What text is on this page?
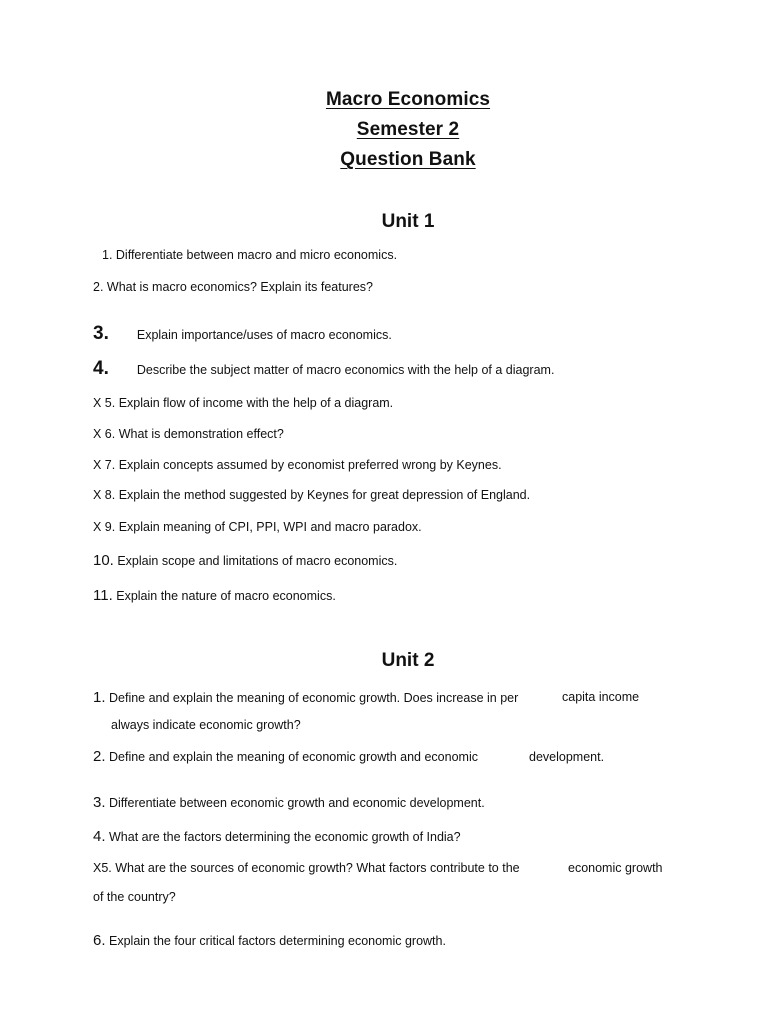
Macro Economics
Semester 2
Question Bank
Unit 1
1. Differentiate between macro and micro economics.
2. What is macro economics? Explain its features?
3. Explain importance/uses of macro economics.
4. Describe the subject matter of macro economics with the help of a diagram.
X 5. Explain flow of income with the help of a diagram.
X 6. What is demonstration effect?
X 7. Explain concepts assumed by economist preferred wrong by Keynes.
X 8. Explain the method suggested by Keynes for great depression of England.
X 9. Explain meaning of CPI, PPI, WPI and macro paradox.
10. Explain scope and limitations of macro economics.
11. Explain the nature of macro economics.
Unit 2
1. Define and explain the meaning of economic growth. Does increase in per	capita income
always indicate economic growth?
2. Define and explain the meaning of economic growth and economic	development.
3. Differentiate between economic growth and economic development.
4. What are the factors determining the economic growth of India?
X5. What are the sources of economic growth? What factors contribute to the	economic growth
of the country?
6. Explain the four critical factors determining economic growth.
